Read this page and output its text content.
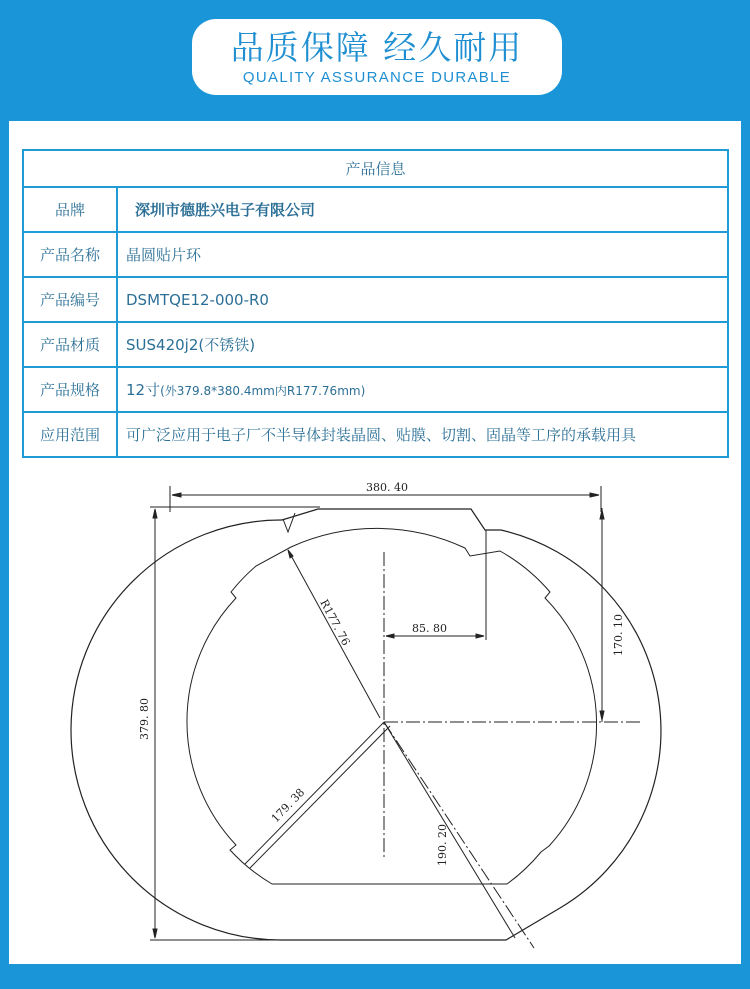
品质保障 经久耐用
QUALITY ASSURANCE DURABLE
产品信息	
品牌	深圳市德胜兴电子有限公司
产品名称	晶圆贴片环
产品编号	DSMTQE12-000-R0
产品材质	SUS420j2(不锈铁)
产品规格	12寸(外379.8*380.4mm内R177.76mm)
应用范围	可广泛应用于电子厂不半导体封装晶圆、贴膜、切割、固晶等工序的承载用具
380. 40
379. 80
R177. 76	85. 80	170. 10
179. 38
190. 20
